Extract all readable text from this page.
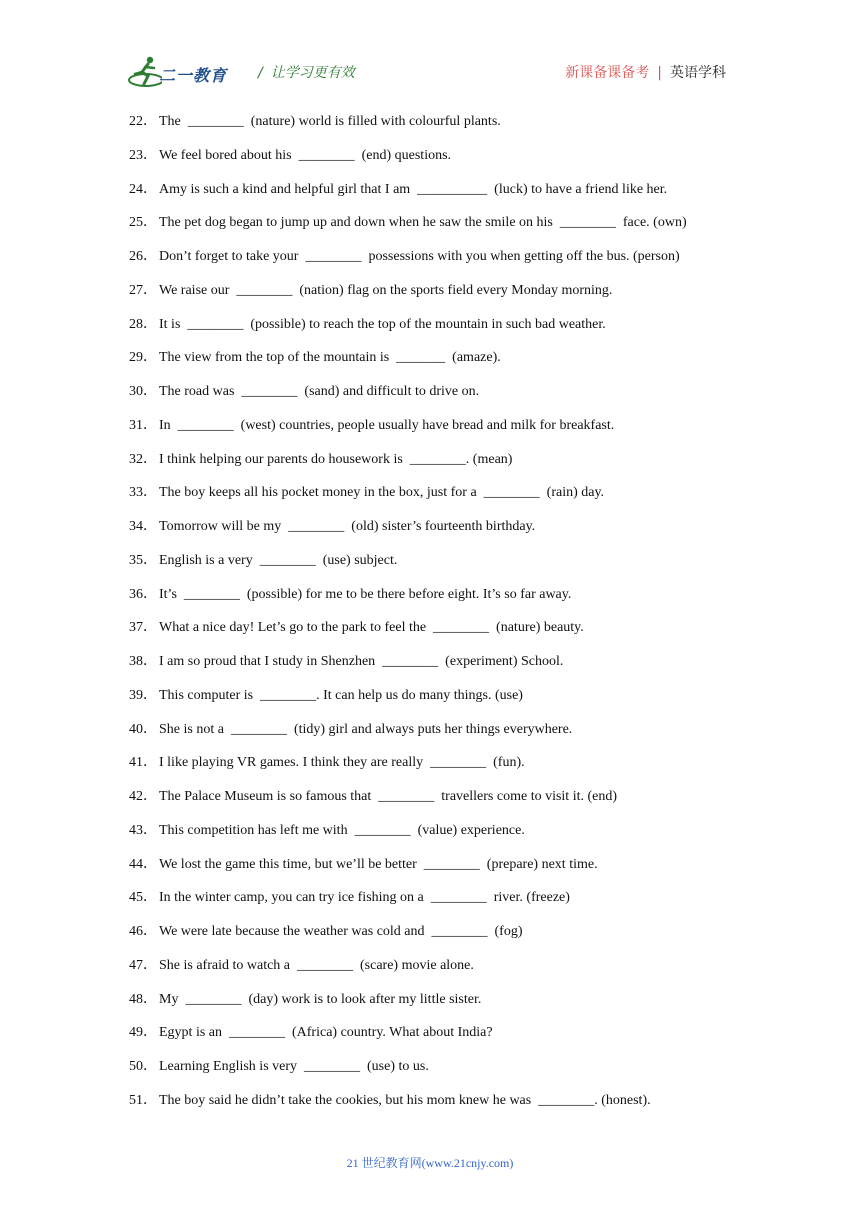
二一教育 / 让学习更有效	新课备课备考 | 英语学科
22． The  ________  (nature) world is filled with colourful plants.
23． We feel bored about his  ________  (end) questions.
24． Amy is such a kind and helpful girl that I am  __________  (luck) to have a friend like her.
25． The pet dog began to jump up and down when he saw the smile on his  ________  face. (own)
26． Don’t forget to take your  ________  possessions with you when getting off the bus. (person)
27． We raise our  ________  (nation) flag on the sports field every Monday morning.
28． It is  ________  (possible) to reach the top of the mountain in such bad weather.
29． The view from the top of the mountain is  _______  (amaze).
30． The road was  ________  (sand) and difficult to drive on.
31． In  ________  (west) countries, people usually have bread and milk for breakfast.
32． I think helping our parents do housework is  ________. (mean)
33． The boy keeps all his pocket money in the box, just for a  ________  (rain) day.
34． Tomorrow will be my  ________  (old) sister’s fourteenth birthday.
35． English is a very  ________  (use) subject.
36． It’s  ________  (possible) for me to be there before eight. It’s so far away.
37． What a nice day! Let’s go to the park to feel the  ________  (nature) beauty.
38． I am so proud that I study in Shenzhen  ________  (experiment) School.
39． This computer is  ________. It can help us do many things. (use)
40． She is not a  ________  (tidy) girl and always puts her things everywhere.
41． I like playing VR games. I think they are really  ________  (fun).
42． The Palace Museum is so famous that  ________  travellers come to visit it. (end)
43． This competition has left me with  ________  (value) experience.
44． We lost the game this time, but we’ll be better  ________  (prepare) next time.
45． In the winter camp, you can try ice fishing on a  ________  river. (freeze)
46． We were late because the weather was cold and  ________  (fog)
47． She is afraid to watch a  ________  (scare) movie alone.
48． My  ________  (day) work is to look after my little sister.
49． Egypt is an  ________  (Africa) country. What about India?
50． Learning English is very  ________  (use) to us.
51． The boy said he didn’t take the cookies, but his mom knew he was  ________. (honest).
21 世纪教育网(www.21cnjy.com)
